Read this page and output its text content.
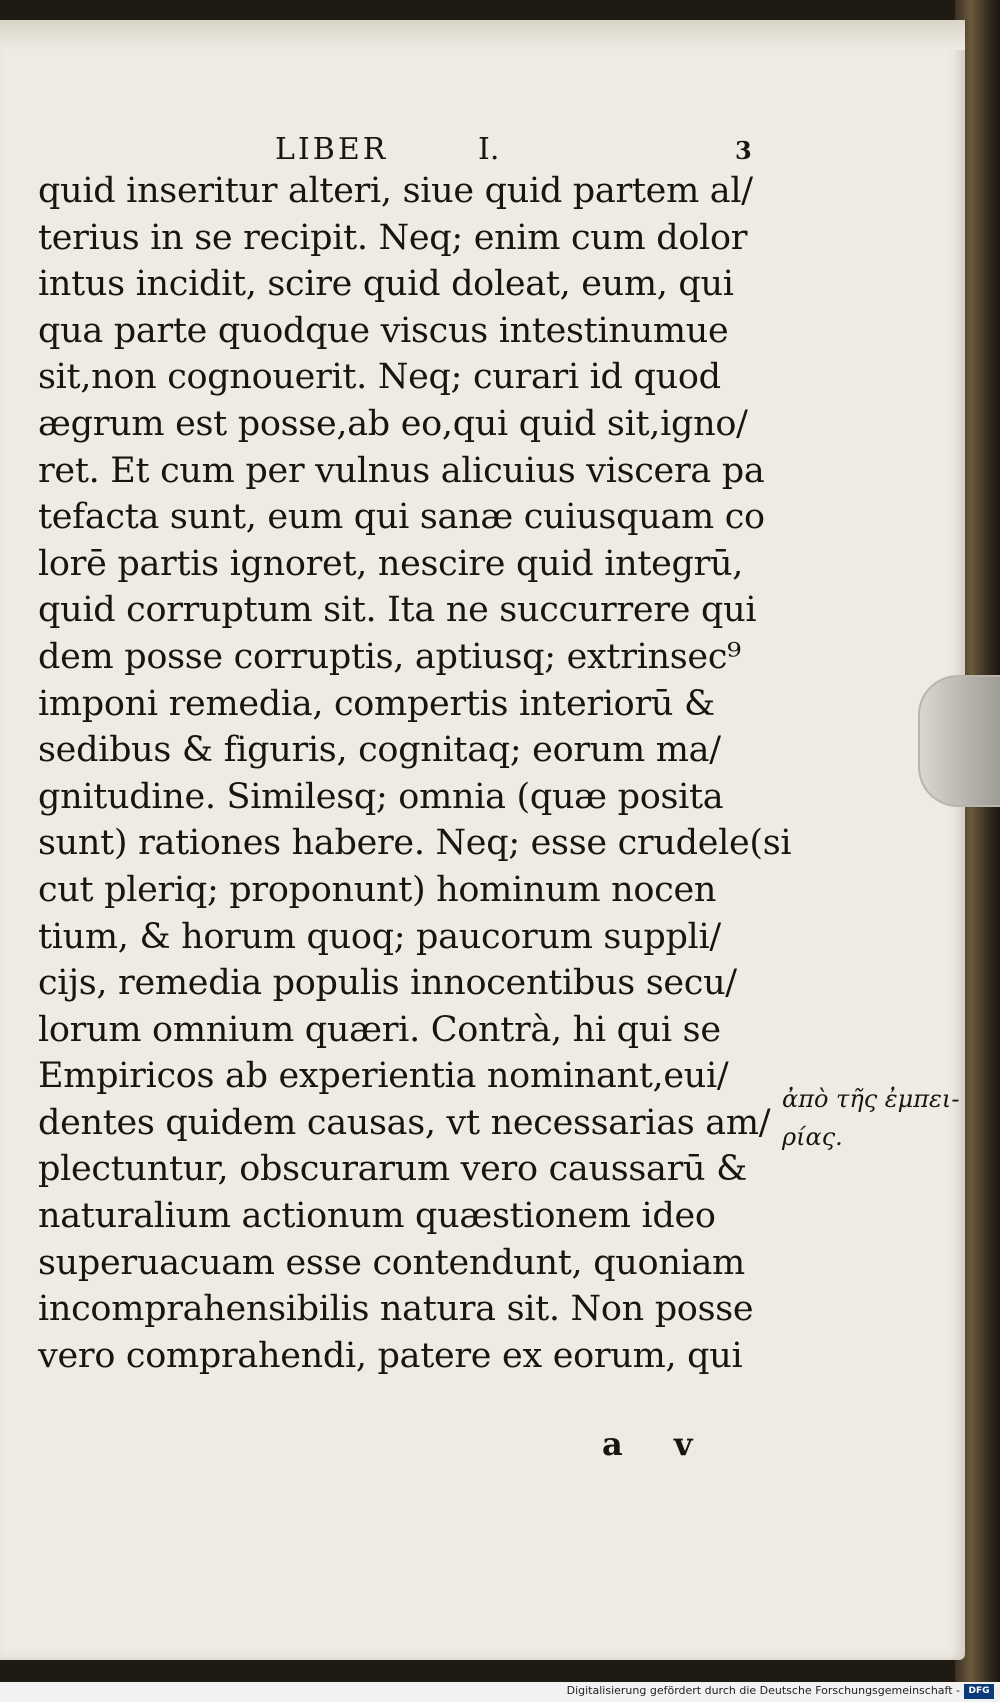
LIBER	I.	3
quid inseritur alteri, siue quid partem al/
terius in se recipit. Neq; enim cum dolor
intus incidit, scire quid doleat, eum, qui
qua parte quodque viscus intestinumue
sit,non cognouerit. Neq; curari id quod
ægrum est posse,ab eo,qui quid sit,igno/
ret. Et cum per vulnus alicuius viscera pa
tefacta sunt, eum qui sanæ cuiusquam co
lorē partis ignoret, nescire quid integrū,
quid corruptum sit. Ita ne succurrere qui
dem posse corruptis, aptiusq; extrinsec⁹
imponi remedia, compertis interiorū &
sedibus & figuris, cognitaq; eorum ma/
gnitudine. Similesq; omnia (quæ posita
sunt) rationes habere. Neq; esse crudele(si
cut pleriq; proponunt) hominum nocen
tium, & horum quoq; paucorum suppli/
cijs, remedia populis innocentibus secu/
lorum omnium quæri. Contrà, hi qui se
Empiricos ab experientia nominant,eui/
dentes quidem causas, vt necessarias am/
plectuntur, obscurarum vero caussarū &
naturalium actionum quæstionem ideo
superuacuam esse contendunt, quoniam
incomprahensibilis natura sit. Non posse
vero comprahendi, patere ex eorum, qui
ἀπὸ τῆς ἐμπει-
ρίας.
a v
Digitalisierung gefördert durch die Deutsche Forschungsgemeinschaft - DFG
